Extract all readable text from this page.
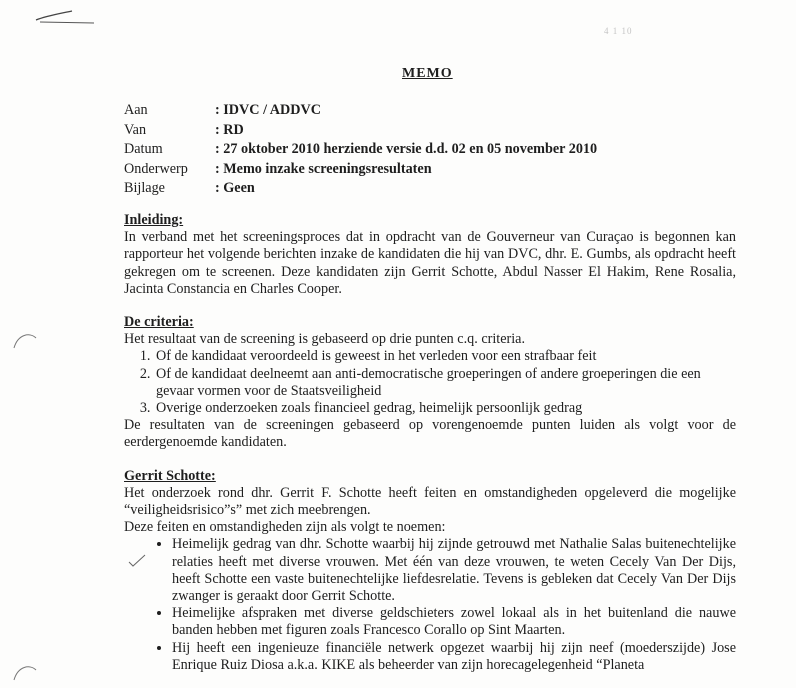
4 1 10
MEMO
Aan	: IDVC / ADDVC
Van	: RD
Datum	: 27 oktober 2010 herziende versie d.d. 02 en 05 november 2010
Onderwerp	: Memo inzake screeningsresultaten
Bijlage	: Geen
Inleiding:

In verband met het screeningsproces dat in opdracht van de Gouverneur van Curaçao is begonnen kan rapporteur het volgende berichten inzake de kandidaten die hij van DVC, dhr. E. Gumbs, als opdracht heeft gekregen om te screenen. Deze kandidaten zijn Gerrit Schotte, Abdul Nasser El Hakim, Rene Rosalia, Jacinta Constancia en Charles Cooper.

De criteria:

Het resultaat van de screening is gebaseerd op drie punten c.q. criteria.

1. Of de kandidaat veroordeeld is geweest in het verleden voor een strafbaar feit
2. Of de kandidaat deelneemt aan anti-democratische groeperingen of andere groeperingen die een gevaar vormen voor de Staatsveiligheid
3. Overige onderzoeken zoals financieel gedrag, heimelijk persoonlijk gedrag

De resultaten van de screeningen gebaseerd op vorengenoemde punten luiden als volgt voor de eerdergenoemde kandidaten.

Gerrit Schotte:

Het onderzoek rond dhr. Gerrit F. Schotte heeft feiten en omstandigheden opgeleverd die mogelijke “veiligheidsrisico”s” met zich meebrengen.

Deze feiten en omstandigheden zijn als volgt te noemen:

• Heimelijk gedrag van dhr. Schotte waarbij hij zijnde getrouwd met Nathalie Salas buitenechtelijke relaties heeft met diverse vrouwen. Met één van deze vrouwen, te weten Cecely Van Der Dijs, heeft Schotte een vaste buitenechtelijke liefdesrelatie. Tevens is gebleken dat Cecely Van Der Dijs zwanger is geraakt door Gerrit Schotte.
• Heimelijke afspraken met diverse geldschieters zowel lokaal als in het buitenland die nauwe banden hebben met figuren zoals Francesco Corallo op Sint Maarten.
• Hij heeft een ingenieuze financiële netwerk opgezet waarbij hij zijn neef (moederszijde) Jose Enrique Ruiz Diosa a.k.a. KIKE als beheerder van zijn horecagelegenheid “Planeta
